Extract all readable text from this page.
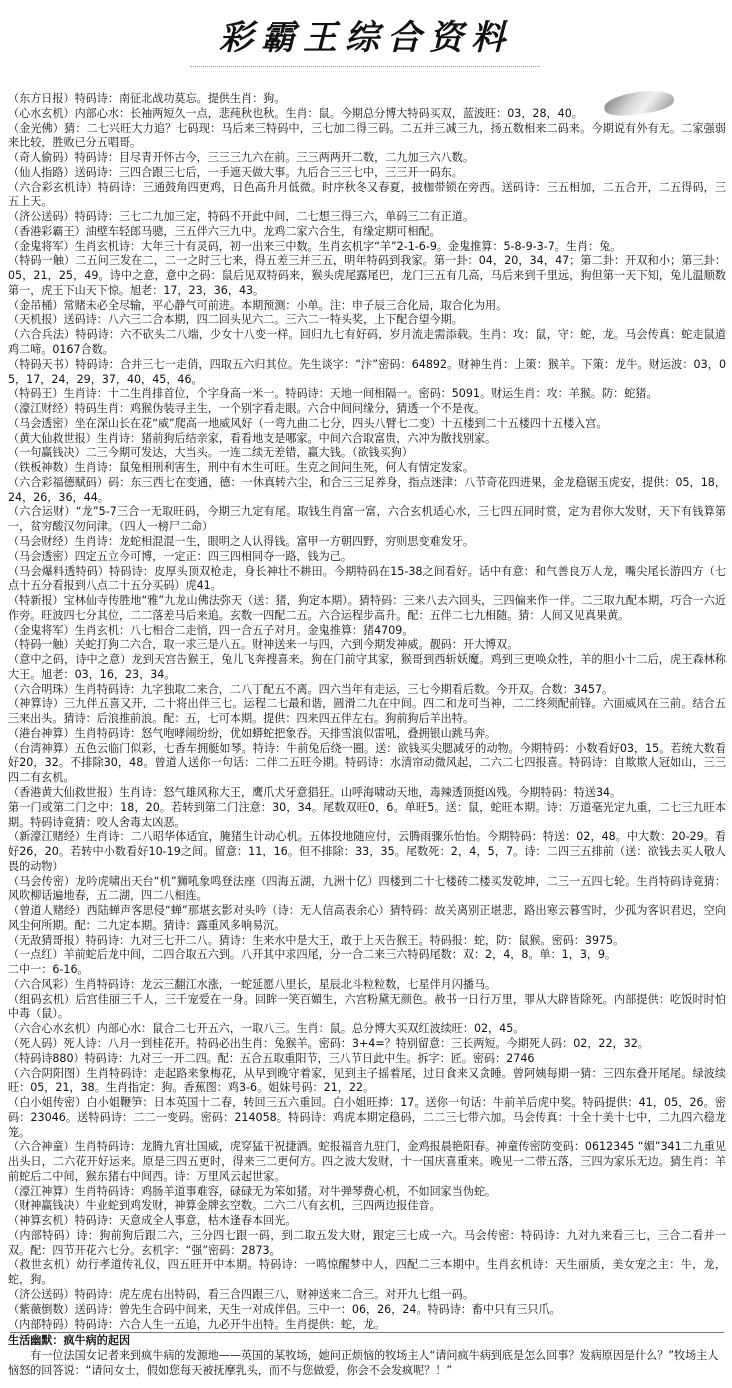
彩霸王综合资料
（东方日报）特码诗：南征北战功莫忘。提供生肖：狗。
（心水玄机）内部心水：长袖两短久一点，悲莼秋也秋。生肖：鼠。今期总分博大特码买双，蓝波旺：03，28，40。
（金光佛）猜：二七兴旺大力追？七码现：马后来三特码中，三七加二得三码。二五并三减三九，扬五数相来二码来。今期说有外有无。二家强弱来比较，胜败已分五唱哥。
（奇人偷码）特码诗：目尽青开怀古今，三三三九六在前。三三两两开二数，二九加三六八数。
（仙人指路）送码诗：三四合跟三七后，一手遮天做大事。九后合三三七中，三三开一码东。
（六合彩玄机诗）特码诗：三通鼓角四更鸡，日色高升月低微。时序秋冬又春夏，披枷带锁在旁西。送码诗：三五相加，二五合开，二五得码，三五上天。
（济公送码）特码诗：三七二九加三定，特码不开此中间，二七想三得三六，单码三二有正道。
（香港彩霸王）油壁车轻郎马骢，三五伴六三九中。龙鸡二家六合生，有缘定期可相配。
（金鬼将军）生肖玄机诗：大年三十有灵码，初一出来三中数。生肖玄机字“羊”2-1-6-9。金鬼推算：5-8-9-3-7。生肖：兔。
（特码一触）二五问三发在二，二一之时三七来，得五差三并三五，明年特码到我家。第一卦：04，20，34，47；第二卦：开双和小；第三卦：05，21，25，49。诗中之意，意中之码：鼠后见双特码来，猴头虎尾露尾巴，龙门三五有几高，马后来到千里远，狗但第一天下知，兔儿温顺数第一，虎王下山天下惊。旭老：17，23，36，43。
（金吊桶）常赌未必全尽输，平心静气可前进。本期预测：小单。注：申子辰三合化局，取合化为用。
（天机报）送码诗：八六三二合本期，四二回头见六二。三六二一特头奖，上下配合望今期。
（六合兵法）特码诗：六不砍头二八端，少女十八变一样。回归九七有好码，岁月流走需添载。生肖：攻：鼠，守：蛇，龙。马会传真：蛇走鼠道鸡二啼。0167合数。
（特码天书）特码诗：合并三七一走俏，四取五六归其位。先生谈字：“汴”密码：64892。财神生肖：上策：猴羊。下策：龙牛。财运波：03，05，17，24，29，37，40，45，46。
（特码王）生肖诗：十二生肖排首位，个字身高一米一。特码诗：天地一间相隔一。密码：5091。财运生肖：攻：羊猴。防：蛇猪。
（濠江财经）特码生肖：鸡猴伪装寻主生，一个别字看走眼。六合中间问缘分，猜透一个不是夜。
（马会透密）坐在深山长在花“威”爬高一地威风好（一弯九曲二七分，四头八臂七二变）十五楼到二十五楼四十五楼入宫。
（黄大仙救世报）生肖诗：猪前狗后结亲家，看看地支是哪家。中间六合取富贵，六冲为散找别家。
（一句赢钱决）二三今期可发达，大当头。一连二续无差错，赢大钱。（欲钱买狗）
（铁板神数）生肖诗：鼠兔相刑利害生，刑中有木生可旺。生克之间问生死，何人有情定发家。
（六合彩福德赋码）码：东三西七在变通，德：一休真转六尘，和合三三足养身，指点迷津：八节奇花四进果，金龙稳锯玉虎安，提供：05，18，24，26，36，44。
（六合运财）“龙”5-7三合一无取旺码，今期三九定有尾。取钱生肖富一富，六合玄机适心水，三七四五同时赏，定为君你大发财，天下有钱算第一，贫穷酸汉勿问津。（四人一榜尸二命）
（马会财经）生肖诗：龙蛇相混混一生，眼明之人认得钱。富甲一方朝四野，穷则思变难发牙。
（马会透密）四定五立今可博，一定正：四三四相同夺一路，钱为己。
（马会爆料透特码）特码诗：皮厚头顶双枪走，身长神壮不耕田。今期特码在15-38之间看好。话中有意：和气善良万人龙，嘴尖尾长游四方（七点十五分看报到八点二十五分买码）虎41。
（特新报）宝林仙寺传胜地“雅”九龙山佛法弥天（送：猪，狗定本期）。猜特码：三来八去六回头，三四偏来作一伴。二三取九配本期，巧合一六近作旁。旺波四七分其位，二二落差马后来追。玄数一四配二五。六合运程步高升。配：五伴二七九相随。猜：人间又见真果黄。
（金鬼将军）生肖玄机：八七相合二走悄，四一合五子对月。金鬼推算：猪4709。
（特码一触）关蛇打狗二六合，取一求三是八五。财神送来一与四，六到今期发神威。靓码：开大博双。
（意中之码，诗中之意）龙到天宫告猴王，兔儿飞奔搜喜来。狗在门前守其家，猴哥到西斩妖魔。鸡到三更唤众牲，羊的胆小十二后，虎王森林称大王。旭老：03，16，23，34。
（六合明珠）生肖特码诗：九字独取二来合，二八丁配五不离。四六当年有走运，三七今期看后数。今开双。合数：3457。
（神算诗）三九伴五喜又开，二十将出伴三七。运程二七最和谐，圆滑二九在中间。四二和龙可当神，二二终须配前锋。六面威风在三前。结合五三来出头。猜诗：后浪推前浪。配：五，七可本期。提供：四来四五伴左右。狗前狗后羊出特。
（港台神算）生肖特码诗：怒气咆哮闹纷纷，优如蟒蛇把象吞。天排雪浪似雷吼，叠拥银山跳马奔。
（台湾神算）五色云临门似彩，七香车拥艇如琴。特诗：牛前兔后绕一圈。送：欲钱买尖腮减牙的动物。今期特码：小数看好03，15。若统大数看好20，32。不排除30，48。曾道人送你一句话：二伴二五旺今期。特码诗：水清帘动微风起，二六二七四报喜。特码诗：自欺欺人冠如山，三三四二有玄机。
（香港黄大仙救世报）生肖诗：怒气雄风称大王，鹰爪犬牙意猖狂。山呼海啸动天地，毒辣透顶挺凶残。今期特码：特送34。
第一门或第二门之中：18，20。若转到第二门注意：30，34。尾数双旺0，6。单旺5。送：鼠，蛇旺本期。诗：万道毫光定九重，二七三九旺本期。特码诗竟猜：咬人舍毒太凶恶。
（新濠江赌经）生肖诗：二八昭华体适宜，腌猪生计动心机。五体投地随应付，云腾雨骤乐怡怡。今期特码：特送：02，48。中大数：20-29。看好26，20。若转中小数看好10-19之间。留意：11，16。但不排除：33，35。尾数死：2，4，5，7。诗：二四三五排前（送：欲钱去买人敬人畏的动物）
（马会传密）龙吟虎啸出天台“机”狮吼象鸣登法座（四海五湖，九洲十亿）四楼到二十七楼砖二楼买发乾坤，二三一五四七轮。生肖特码诗竟猜：风吹柳话遍地春，五二湖，四二八相连。
（曾道人赌经）西陆蝉声客思侵“蝉”那堪玄影对头吟（诗：无人信高表余心）猜特码：故关离别正堪悲，路出寒云暮雪时，少孤为客识君迟，空向风尘何所期。配：二九定本期。猜诗：露重风多响易沉。
（无敌猜哥报）特码诗：九对三七开二八。猜诗：生来水中是大王，敢于上天告猴王。特码报：蛇，防：鼠猴。密码：3975。
（一点红）羊前蛇后龙中间，二四合取五六到。八开其中求四尾，分一合二来三六特码尾数：双：2，4，8。单：1，3，9。
二中一：6-16。
（六合风彩）生肖特码诗：龙云三翻江水涨，一蛇延愿八里长，星辰北斗粒粒数，七星伴月闪播马。
（组码玄机）后宫佳丽三千人，三千宠爱在一身。回眸一笑百媚生，六宫粉黛无颜色。赦书一日行万里，罪从大辟皆除死。内部提供：吃饭时时怕中毒（鼠）。
（六合心水玄机）内部心水：鼠合二七开五六，一取八三。生肖：鼠。总分博大买双红波续旺：02，45。
（死人码）死人诗：八月一到桂花开。特码必出生肖：兔猴羊。密码：3+4=？特别留意：三长两短。今期死人码：02，22，32。
（特码诗880）特码诗：九对三一开二四。配：五合五取重阳节，三八节日此中生。拆字：匠。密码：2746
（六合阴阳图）生肖特码诗：走起路来象梅花，从早到晚守着家，见到主子摇着尾，过日食来又贪睡。曾阿姨每期一猜：三四东叠开尾尾。绿波续旺：05，21，38。生肖指定：狗。香蕉图：鸡3-6。姐妹号码：21，22。
（白小姐传密）白小姐鞭笋：日本英国十二春，转回三五六重回。白小姐旺捧：17。送你一句话：牛前羊后虎中奖。特码提供：41，05，26。密码：23046。送特码诗：二二一变码。密码：214058。特码诗：鸡虎本期定稳码，二二三七带六加。马会传真：十全十美十七中，二九四六稳龙笼。
（六合神童）生肖特码诗：龙腾九宵壮国威，虎穿猛干祝捷酒。蛇报福音九驻门，金鸡报晨艳阳春。神童传密防变码：0612345 “媚”341二九重见出头日，二六花开好运来。原是三四五更时，得来三二更何方。四之波大发财，十一国庆喜重来。晚见一二带五落，三四为家乐无边。猜生肖：羊前蛇后二中间，猴东猪右中间西。诗：万里风云起世家。
（濠江神算）生肖特码诗：鸡肠羊道事难容，碌碌无为笨如猪。对牛弹琴费心机，不如回家当伪蛇。
（财神赢钱决）牛业蛇到鸡发财，神算金牌玄空数。二六二八有玄机，三四两边报佳音。
（神算玄机）特码诗：天意成全人事意，枯木逢春本回光。
（内部特码）诗：狗前狗后跟二六，三分四七跟一码，到二取五发大财，跟定三七成一六。马会传密：特码诗：九对九来看三七，三合二看并一双。配：四节开花六七分。玄机字：“强”密码：2873。
（救世玄机）幼行孝道传礼仪，四五旺开中本期。特码诗：一鸣惊醒梦中人，四配二三本期中。生肖玄机诗：天生丽质，美女宠之主：牛，龙，蛇，狗。
（济公送码）特码诗：虎左虎右出特码，看三合四跟三八，财神送来二合三。对开九七组一码。
（紫薇倒数）送码诗：曾先生合码中间来，天生一对成伴侣。三中一：06，26，24。特码诗：畜中只有三只爪。
（内部特码）特码诗：六合人生一五追，九必开牛出特。生肖提供：蛇，龙。
生活幽默：疯牛病的起因
有一位法国女记者来到疯牛病的发源地——英国的某牧场，她问正烦恼的牧场主人“请问疯牛病到底是怎么回事？发病原因是什么？”牧场主人恼怒的回答说：“请问女士，假如您每天被抚摩乳头，而不与您做爱，你会不会发疯呢？！”
